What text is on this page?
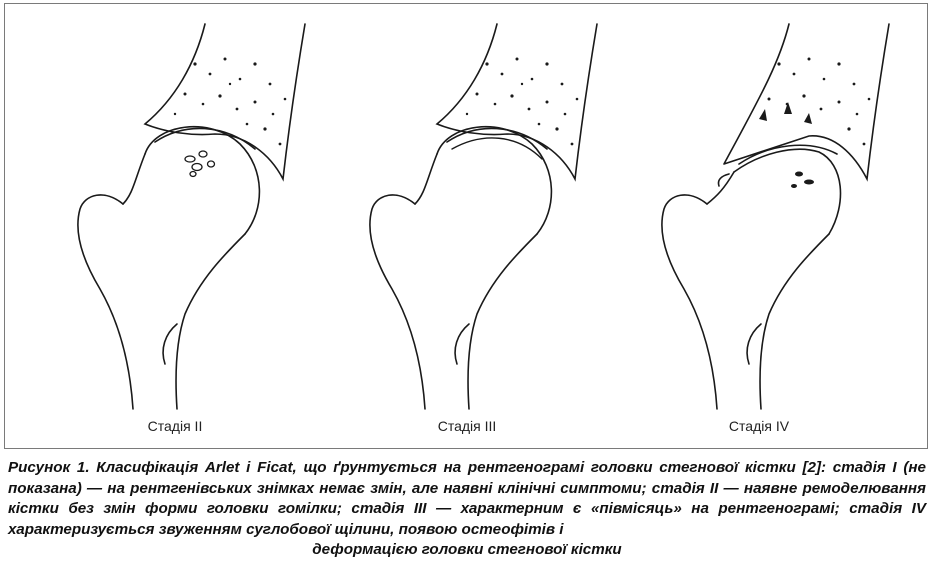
Стадія II	Стадія III	Стадія IV
Рисунок 1. Класифікація Arlet і Ficat, що ґрунтується на рентгенограмі головки стегнової кістки [2]: стадія I (не показана) — на рентгенівських знімках немає змін, але наявні клінічні симптоми; стадія II — наявне ремоделювання кістки без змін форми головки гомілки; стадія III — характерним є «півмісяць» на рентгенограмі; стадія IV характеризується звуженням суглобової щілини, появою остеофітів і
деформацією головки стегнової кістки
